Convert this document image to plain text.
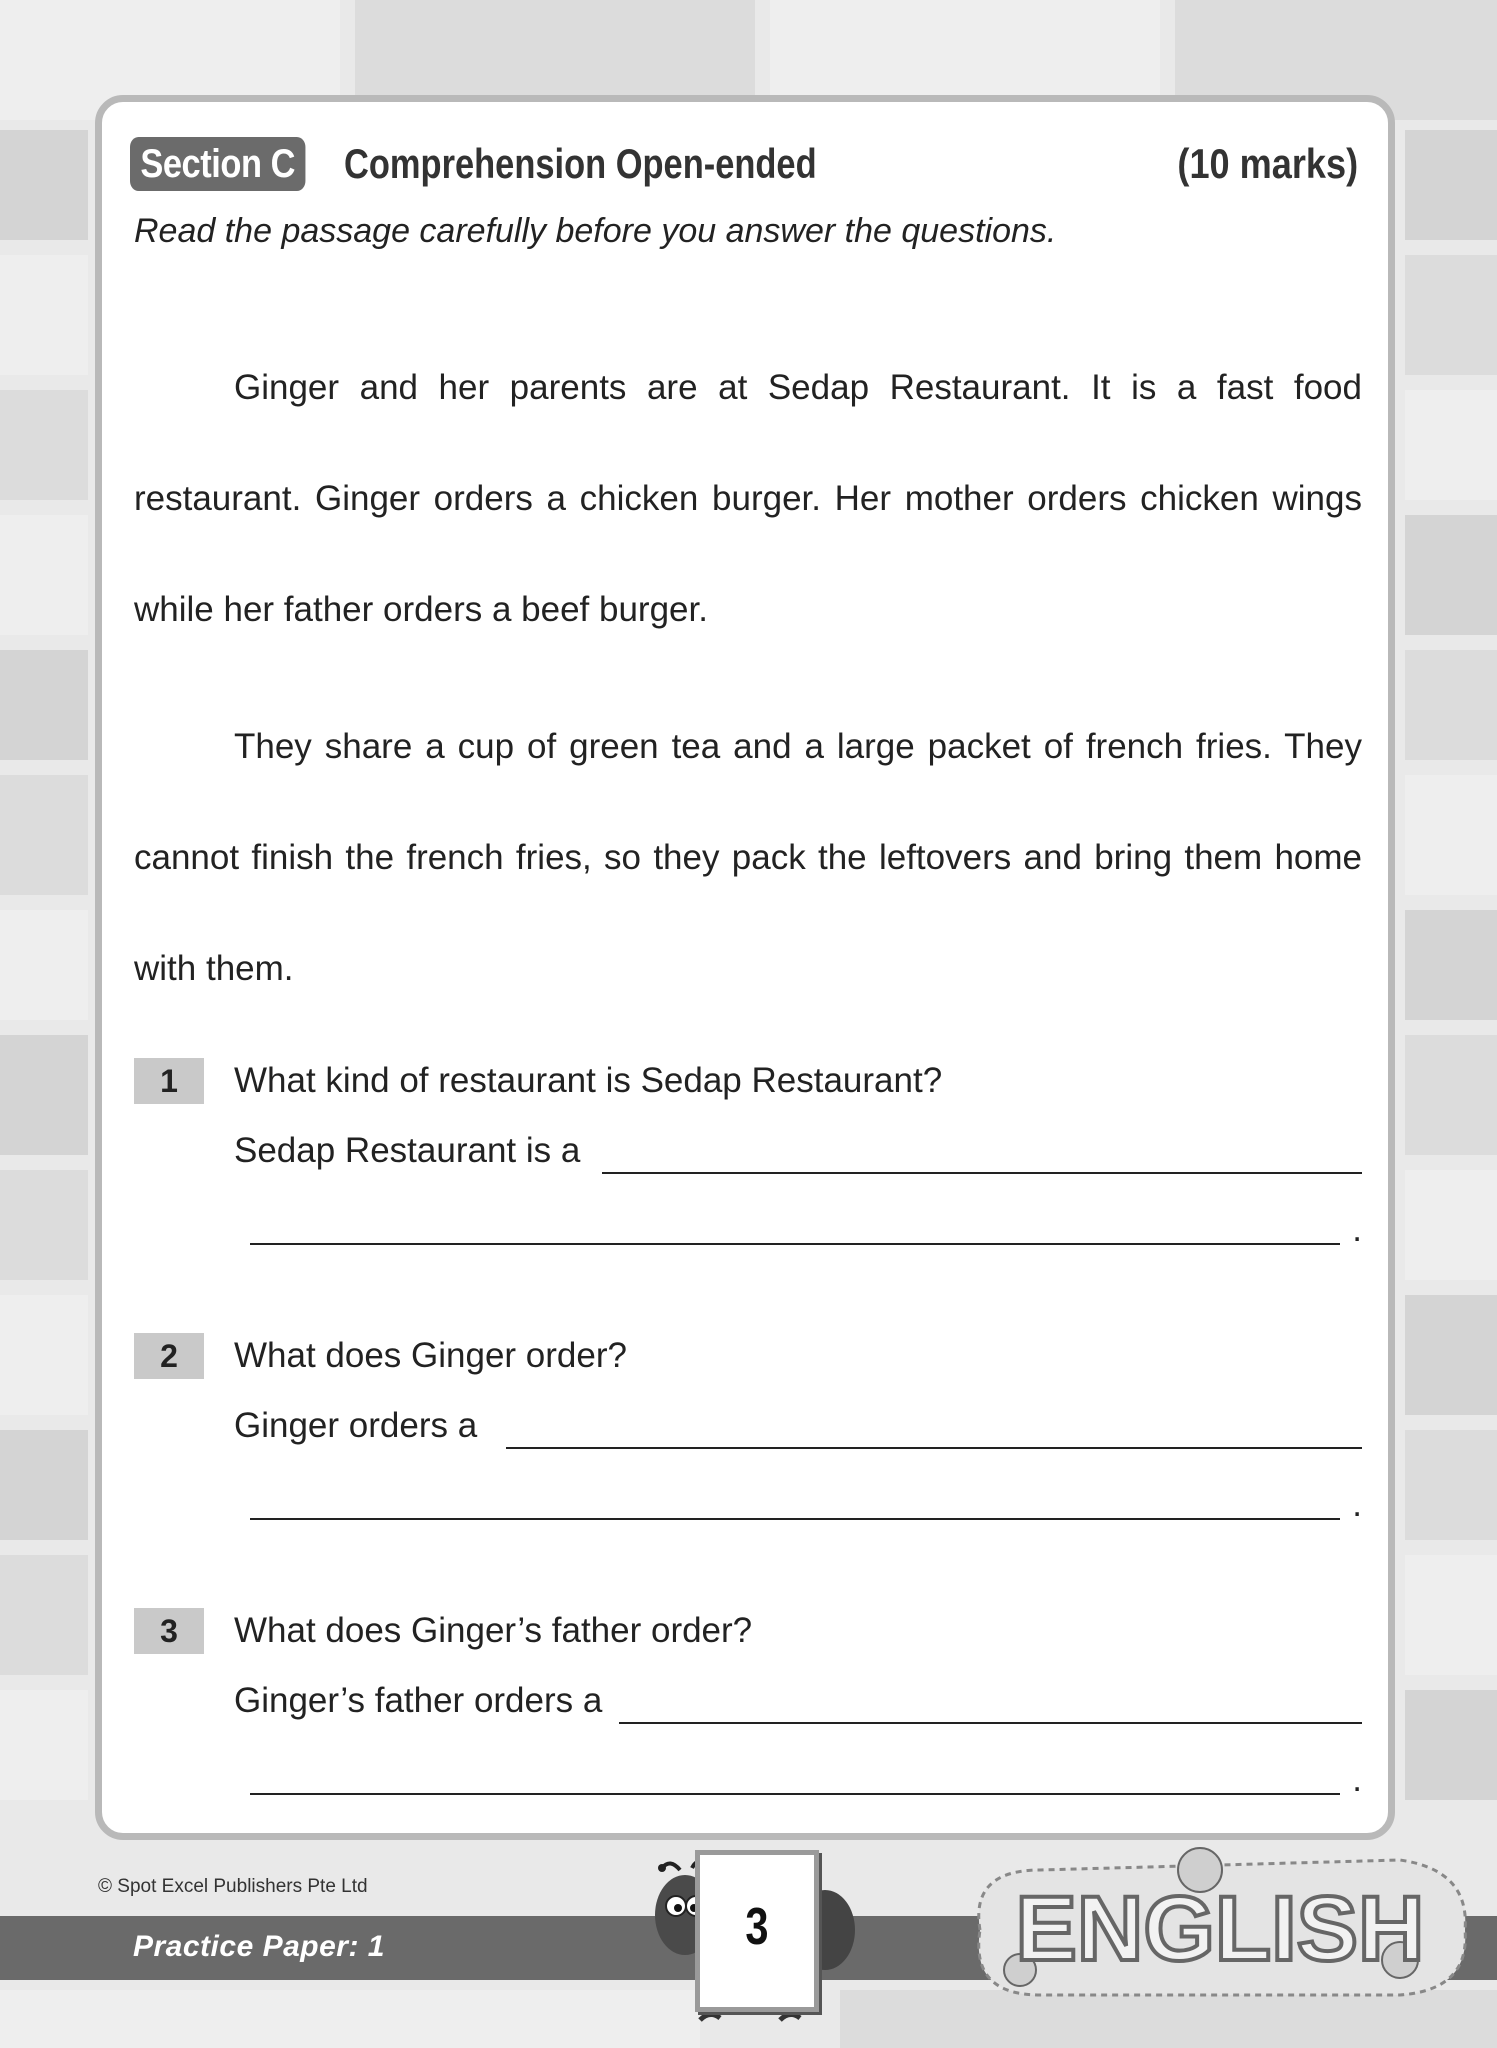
Section C Comprehension Open-ended	(10 marks)
Read the passage carefully before you answer the questions.

Ginger and her parents are at Sedap Restaurant. It is a fast food restaurant. Ginger orders a chicken burger. Her mother orders chicken wings while her father orders a beef burger.

They share a cup of green tea and a large packet of french fries. They cannot finish the french fries, so they pack the leftovers and bring them home with them.

1	What kind of restaurant is Sedap Restaurant?
Sedap Restaurant is a
.
2	What does Ginger order?
Ginger orders a
.
3	What does Ginger’s father order?
Ginger’s father orders a
.
© Spot Excel Publishers Pte Ltd
Practice Paper: 1	3	ENGLISH
